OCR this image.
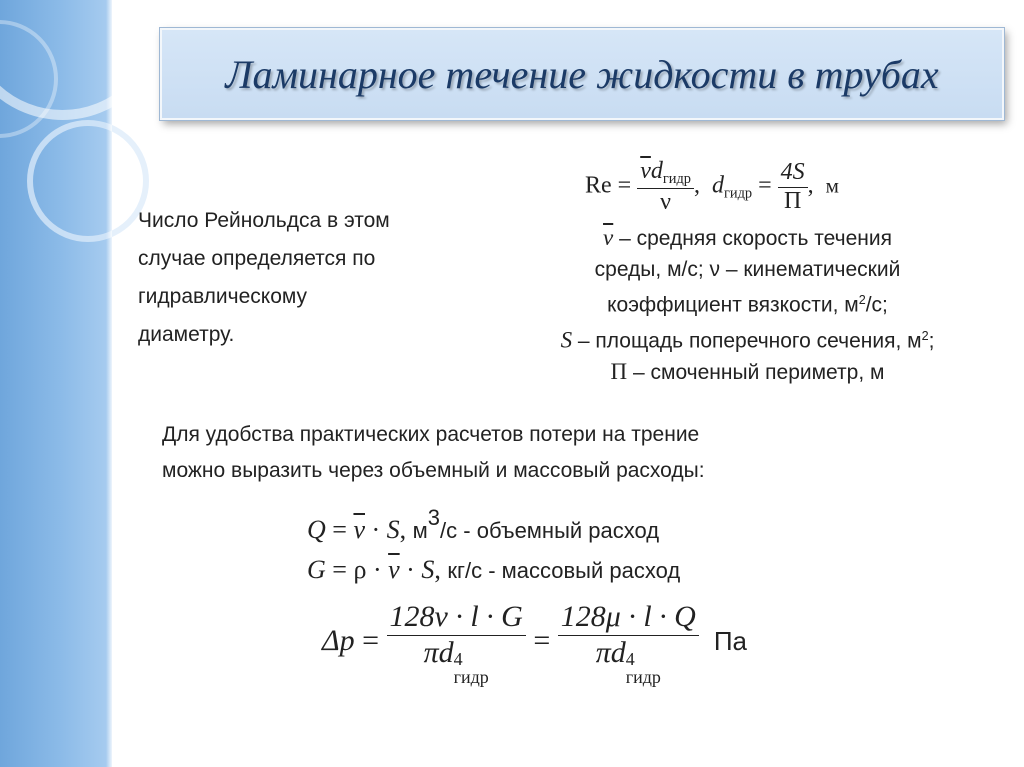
Ламинарное течение жидкости в трубах
Число Рейнольдса в этом
случае определяется по
гидравлическому
диаметру.
$Re = \frac{\overline{v}d_{гидр}}{\nu}$ , $d_{гидр} = \frac{4S}{П}$ , м
$\overline{v}$ – средняя скорость течения
среды, м/с; ν – кинематический
коэффициент вязкости, $м^2/с$;
S – площадь поперечного сечения, $м^2$;
П – смоченный периметр, м
Для удобства практических расчетов потери на трение
можно выразить через объемный и массовый расходы:
$Q = \overline{v} \cdot S$, $м^3/с$ - объемный расход
$G = \rho \cdot \overline{v} \cdot S$, кг/с - массовый расход
Δp = 128ν · l · G
πd 4
гидр = 128μ · l · Q
πd 4
гидр Па
